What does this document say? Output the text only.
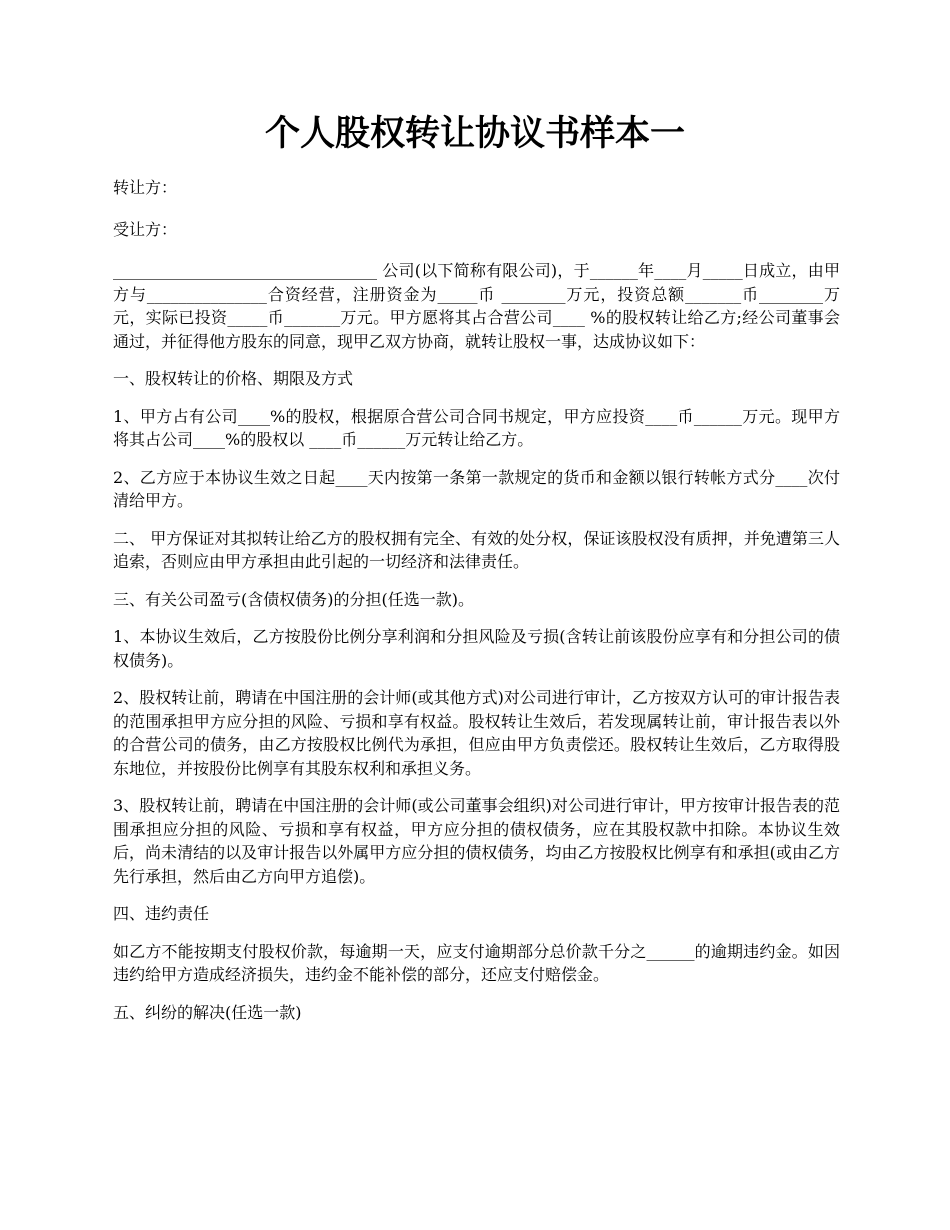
个人股权转让协议书样本一

转让方：

受让方：

_________________________________ 公司(以下简称有限公司)，于______年____月_____日成立，由甲方与_______________合资经营，注册资金为_____币 ________万元，投资总额_______币________万元，实际已投资_____币_______万元。甲方愿将其占合营公司____ %的股权转让给乙方;经公司董事会通过，并征得他方股东的同意，现甲乙双方协商，就转让股权一事，达成协议如下：

一、股权转让的价格、期限及方式

1、甲方占有公司____%的股权，根据原合营公司合同书规定，甲方应投资____币______万元。现甲方将其占公司____%的股权以 ____币______万元转让给乙方。

2、乙方应于本协议生效之日起____天内按第一条第一款规定的货币和金额以银行转帐方式分____次付清给甲方。

二、 甲方保证对其拟转让给乙方的股权拥有完全、有效的处分权，保证该股权没有质押，并免遭第三人追索，否则应由甲方承担由此引起的一切经济和法律责任。

三、有关公司盈亏(含债权债务)的分担(任选一款)。

1、本协议生效后，乙方按股份比例分享利润和分担风险及亏损(含转让前该股份应享有和分担公司的债权债务)。

2、股权转让前，聘请在中国注册的会计师(或其他方式)对公司进行审计，乙方按双方认可的审计报告表的范围承担甲方应分担的风险、亏损和享有权益。股权转让生效后，若发现属转让前，审计报告表以外的合营公司的债务，由乙方按股权比例代为承担，但应由甲方负责偿还。股权转让生效后，乙方取得股东地位，并按股份比例享有其股东权利和承担义务。

3、股权转让前，聘请在中国注册的会计师(或公司董事会组织)对公司进行审计，甲方按审计报告表的范围承担应分担的风险、亏损和享有权益，甲方应分担的债权债务，应在其股权款中扣除。本协议生效后，尚未清结的以及审计报告以外属甲方应分担的债权债务，均由乙方按股权比例享有和承担(或由乙方先行承担，然后由乙方向甲方追偿)。

四、违约责任

如乙方不能按期支付股权价款，每逾期一天，应支付逾期部分总价款千分之______的逾期违约金。如因违约给甲方造成经济损失，违约金不能补偿的部分，还应支付赔偿金。

五、纠纷的解决(任选一款)
